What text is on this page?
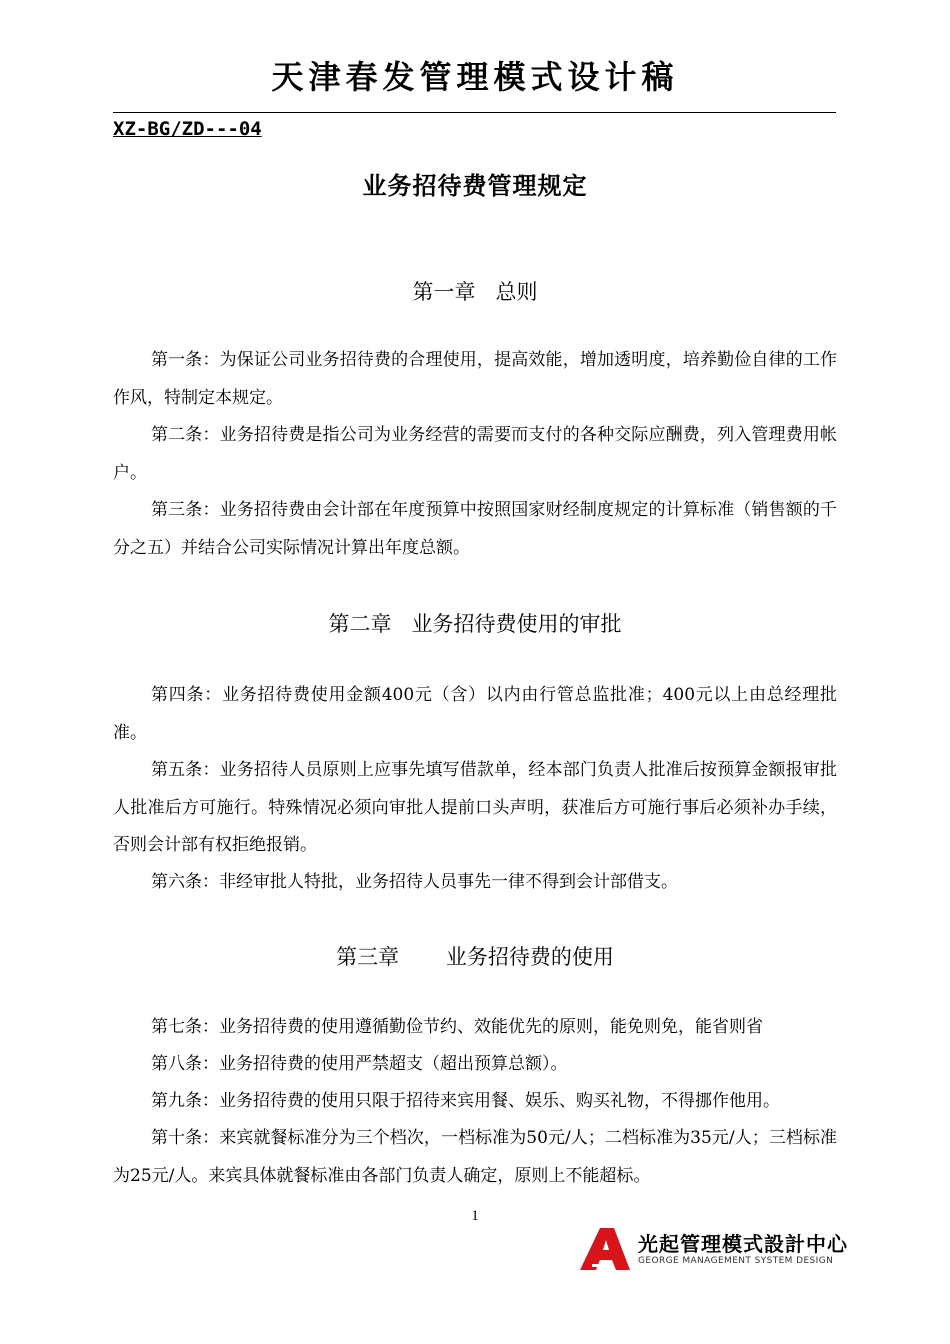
天津春发管理模式设计稿
XZ-BG/ZD---04
业务招待费管理规定
第一章   总则

第一条：为保证公司业务招待费的合理使用，提高效能，增加透明度，培养勤俭自律的工作作风，特制定本规定。

第二条：业务招待费是指公司为业务经营的需要而支付的各种交际应酬费，列入管理费用帐户。

第三条：业务招待费由会计部在年度预算中按照国家财经制度规定的计算标准（销售额的千分之五）并结合公司实际情况计算出年度总额。

第二章   业务招待费使用的审批

第四条：业务招待费使用金额400元（含）以内由行管总监批准；400元以上由总经理批准。

第五条：业务招待人员原则上应事先填写借款单，经本部门负责人批准后按预算金额报审批人批准后方可施行。特殊情况必须向审批人提前口头声明，获准后方可施行事后必须补办手续，否则会计部有权拒绝报销。

第六条：非经审批人特批，业务招待人员事先一律不得到会计部借支。

第三章       业务招待费的使用

第七条：业务招待费的使用遵循勤俭节约、效能优先的原则，能免则免，能省则省

第八条：业务招待费的使用严禁超支（超出预算总额）。

第九条：业务招待费的使用只限于招待来宾用餐、娱乐、购买礼物，不得挪作他用。

第十条：来宾就餐标准分为三个档次，一档标准为50元/人；二档标准为35元/人；三档标准为25元/人。来宾具体就餐标准由各部门负责人确定，原则上不能超标。

1
光起管理模式設計中心
GEORGE MANAGEMENT SYSTEM DESIGN
